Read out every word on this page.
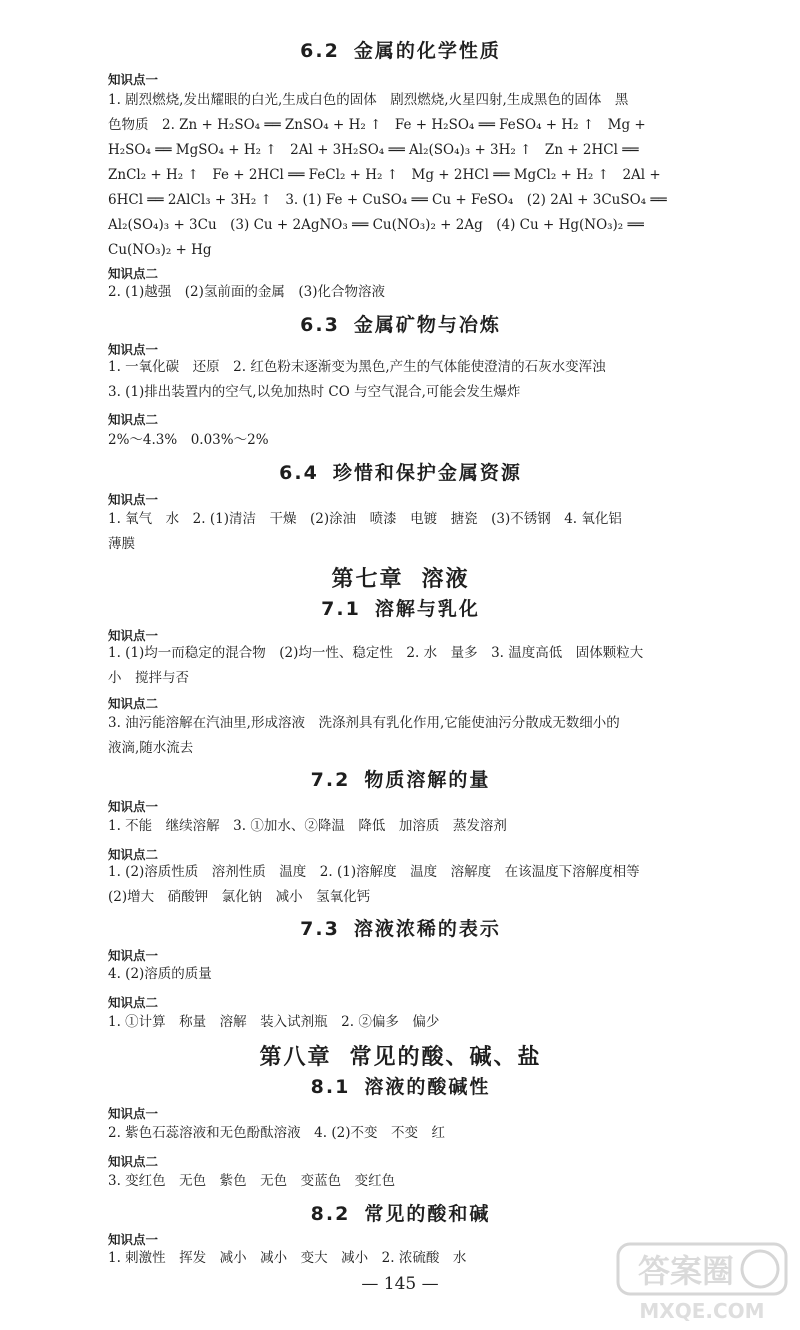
6.2 金属的化学性质
知识点一
1. 剧烈燃烧,发出耀眼的白光,生成白色的固体　剧烈燃烧,火星四射,生成黑色的固体　黑
色物质　2. Zn + H₂SO₄ ══ ZnSO₄ + H₂ ↑　Fe + H₂SO₄ ══ FeSO₄ + H₂ ↑　Mg +
H₂SO₄ ══ MgSO₄ + H₂ ↑　2Al + 3H₂SO₄ ══ Al₂(SO₄)₃ + 3H₂ ↑　Zn + 2HCl ══
ZnCl₂ + H₂ ↑　Fe + 2HCl ══ FeCl₂ + H₂ ↑　Mg + 2HCl ══ MgCl₂ + H₂ ↑　2Al +
6HCl ══ 2AlCl₃ + 3H₂ ↑　3. (1) Fe + CuSO₄ ══ Cu + FeSO₄　(2) 2Al + 3CuSO₄ ══
Al₂(SO₄)₃ + 3Cu　(3) Cu + 2AgNO₃ ══ Cu(NO₃)₂ + 2Ag　(4) Cu + Hg(NO₃)₂ ══
Cu(NO₃)₂ + Hg
知识点二
2. (1)越强　(2)氢前面的金属　(3)化合物溶液
6.3 金属矿物与冶炼
知识点一
1. 一氧化碳　还原　2. 红色粉末逐渐变为黑色,产生的气体能使澄清的石灰水变浑浊
3. (1)排出装置内的空气,以免加热时 CO 与空气混合,可能会发生爆炸
知识点二
2%～4.3%　0.03%～2%
6.4 珍惜和保护金属资源
知识点一
1. 氧气　水　2. (1)清洁　干燥　(2)涂油　喷漆　电镀　搪瓷　(3)不锈钢　4. 氧化铝
薄膜
第七章 溶液
7.1 溶解与乳化
知识点一
1. (1)均一而稳定的混合物　(2)均一性、稳定性　2. 水　量多　3. 温度高低　固体颗粒大
小　搅拌与否
知识点二
3. 油污能溶解在汽油里,形成溶液　洗涤剂具有乳化作用,它能使油污分散成无数细小的
液滴,随水流去
7.2 物质溶解的量
知识点一
1. 不能　继续溶解　3. ①加水、②降温　降低　加溶质　蒸发溶剂
知识点二
1. (2)溶质性质　溶剂性质　温度　2. (1)溶解度　温度　溶解度　在该温度下溶解度相等
(2)增大　硝酸钾　氯化钠　减小　氢氧化钙
7.3 溶液浓稀的表示
知识点一
4. (2)溶质的质量
知识点二
1. ①计算　称量　溶解　装入试剂瓶　2. ②偏多　偏少
第八章 常见的酸、碱、盐
8.1 溶液的酸碱性
知识点一
2. 紫色石蕊溶液和无色酚酞溶液　4. (2)不变　不变　红
知识点二
3. 变红色　无色　紫色　无色　变蓝色　变红色
8.2 常见的酸和碱
知识点一
1. 刺激性　挥发　减小　减小　变大　减小　2. 浓硫酸　水
— 145 —	答案圈
MXQE.COM
